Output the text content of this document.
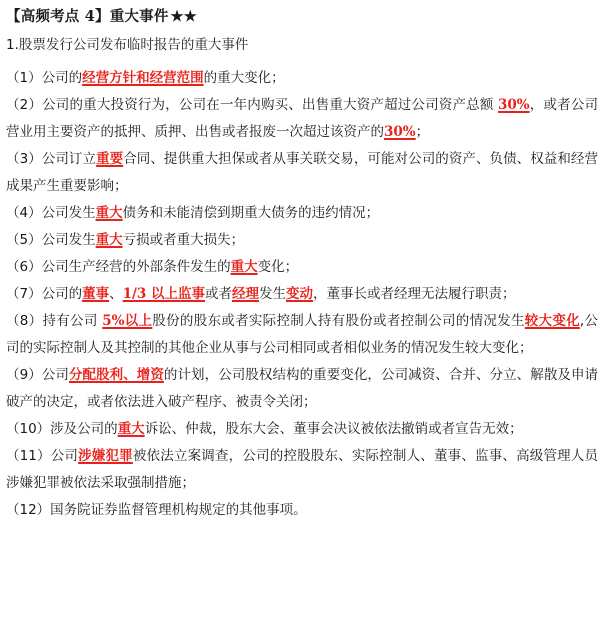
【高频考点 4】重大事件 ★★

1.股票发行公司发布临时报告的重大事件

（1）公司的经营方针和经营范围的重大变化；

（2）公司的重大投资行为，公司在一年内购买、出售重大资产超过公司资产总额 30%，或者公司营业用主要资产的抵押、质押、出售或者报废一次超过该资产的30%；

（3）公司订立重要合同、提供重大担保或者从事关联交易，可能对公司的资产、负债、权益和经营成果产生重要影响；

（4）公司发生重大债务和未能清偿到期重大债务的违约情况；

（5）公司发生重大亏损或者重大损失；

（6）公司生产经营的外部条件发生的重大变化；

（7）公司的董事、1/3 以上监事或者经理发生变动，董事长或者经理无法履行职责；

（8）持有公司 5%以上股份的股东或者实际控制人持有股份或者控制公司的情况发生较大变化,公司的实际控制人及其控制的其他企业从事与公司相同或者相似业务的情况发生较大变化；

（9）公司分配股利、增资的计划，公司股权结构的重要变化，公司减资、合并、分立、解散及申请破产的决定，或者依法进入破产程序、被责令关闭；

（10）涉及公司的重大诉讼、仲裁，股东大会、董事会决议被依法撤销或者宣告无效；

（11）公司涉嫌犯罪被依法立案调查，公司的控股股东、实际控制人、董事、监事、高级管理人员涉嫌犯罪被依法采取强制措施；

（12）国务院证券监督管理机构规定的其他事项。
